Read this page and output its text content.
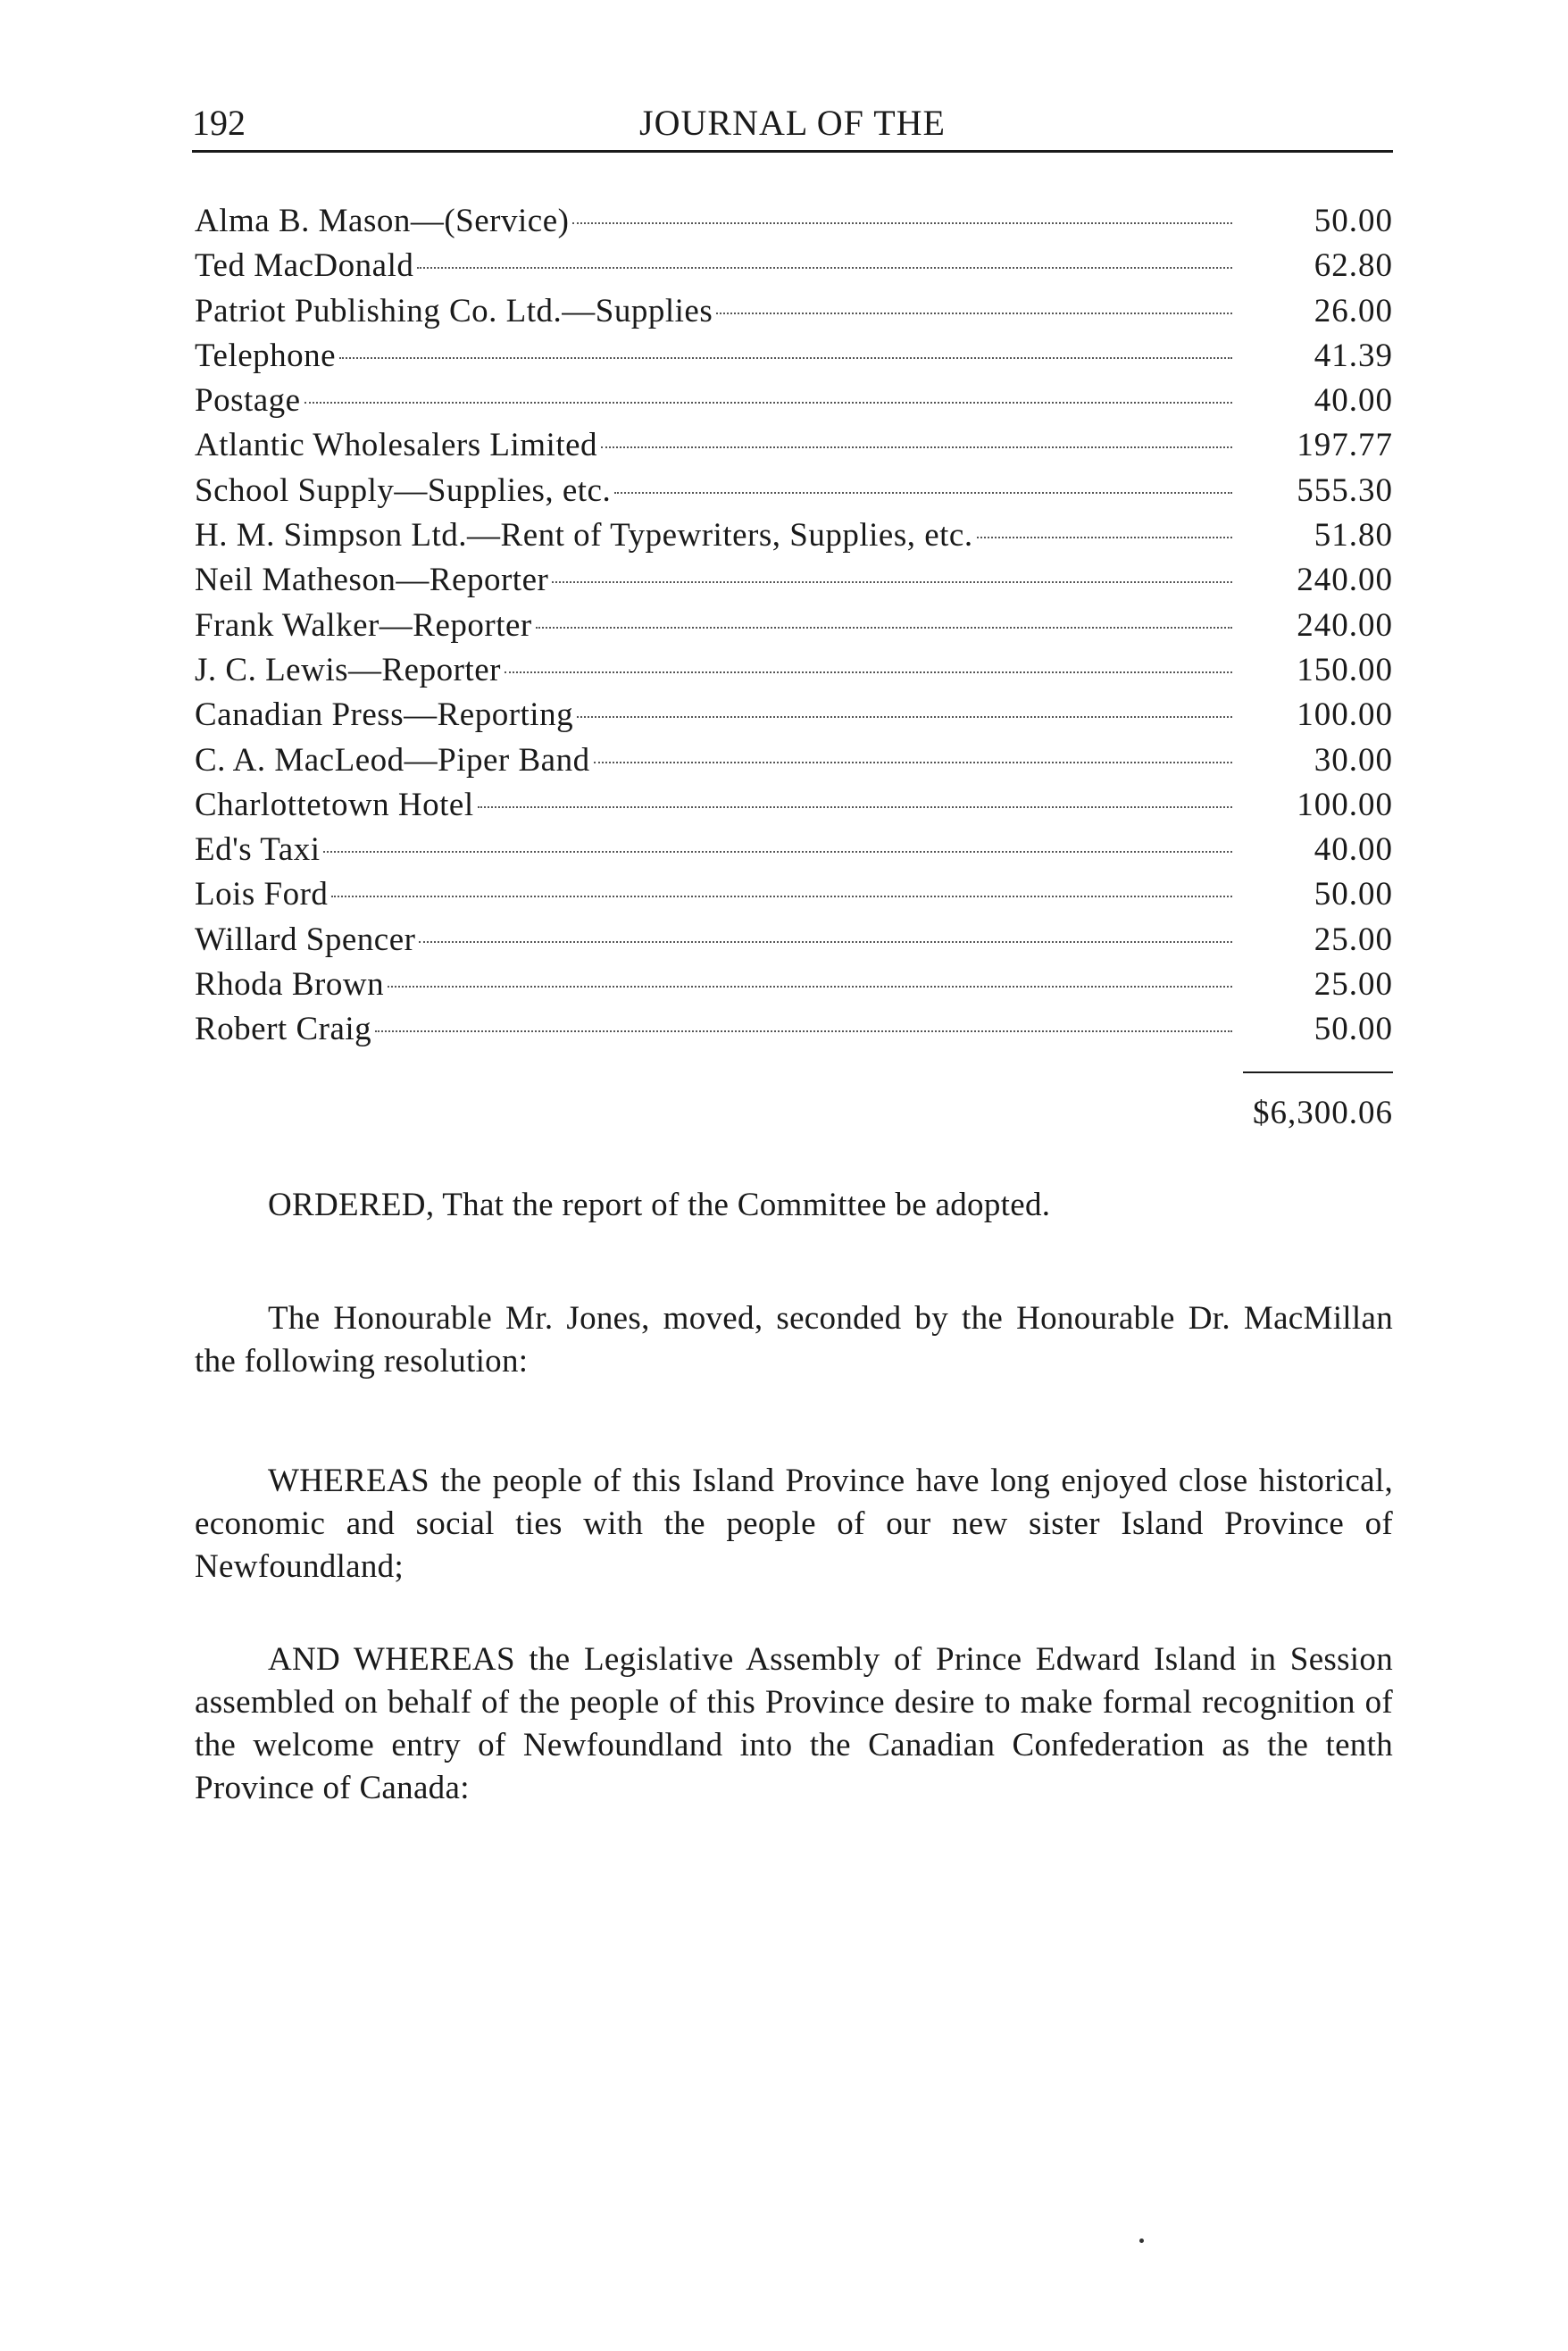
192	JOURNAL OF THE
Alma B. Mason—(Service)	50.00
Ted MacDonald	62.80
Patriot Publishing Co. Ltd.—Supplies	26.00
Telephone	41.39
Postage	40.00
Atlantic Wholesalers Limited	197.77
School Supply—Supplies, etc.	555.30
H. M. Simpson Ltd.—Rent of Typewriters, Supplies, etc.	51.80
Neil Matheson—Reporter	240.00
Frank Walker—Reporter	240.00
J. C. Lewis—Reporter	150.00
Canadian Press—Reporting	100.00
C. A. MacLeod—Piper Band	30.00
Charlottetown Hotel	100.00
Ed's Taxi	40.00
Lois Ford	50.00
Willard Spencer	25.00
Rhoda Brown	25.00
Robert Craig	50.00
$6,300.06
ORDERED, That the report of the Committee be adopted.
The Honourable Mr. Jones, moved, seconded by the Honourable Dr. MacMillan the following resolution:
WHEREAS the people of this Island Province have long enjoyed close historical, economic and social ties with the people of our new sister Island Province of Newfoundland;
AND WHEREAS the Legislative Assembly of Prince Edward Island in Session assembled on behalf of the people of this Province desire to make formal recognition of the welcome entry of Newfoundland into the Canadian Confederation as the tenth Province of Canada:
